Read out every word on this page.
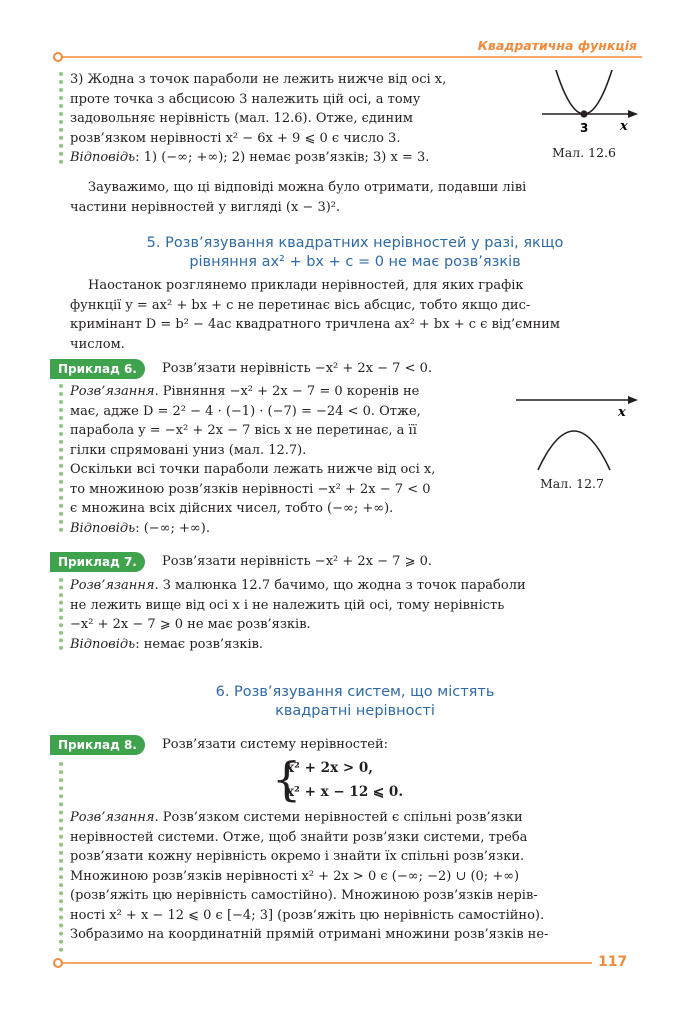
Квадратична функція

3) Жодна з точок параболи не лежить нижче від осі x,

проте точка з абсцисою 3 належить цій осі, а тому

задовольняє нерівність (мал. 12.6). Отже, єдиним

розв’язком нерівності x² − 6x + 9 ⩽ 0 є число 3.

Відповідь: 1) (−∞; +∞); 2) немає розв’язків; 3) x = 3.

3 x
Мал. 12.6

Зауважимо, що ці відповіді можна було отримати, подавши ліві

частини нерівностей у вигляді (x − 3)².

5. Розв’язування квадратних нерівностей у разі, якщо

рівняння ax² + bx + c = 0 не має розв’язків

Наостанок розглянемо приклади нерівностей, для яких графік

функції y = ax² + bx + c не перетинає вісь абсцис, тобто якщо дис-

кримінант D = b² − 4ac квадратного тричлена ax² + bx + c є від’ємним

числом.

Приклад 6.	Розв’язати нерівність −x² + 2x − 7 < 0.

Розв’язання. Рівняння −x² + 2x − 7 = 0 коренів не

має, адже D = 2² − 4 · (−1) · (−7) = −24 < 0. Отже,

парабола y = −x² + 2x − 7 вісь x не перетинає, а її

гілки спрямовані униз (мал. 12.7).

Оскільки всі точки параболи лежать нижче від осі x,

то множиною розв’язків нерівності −x² + 2x − 7 < 0

є множина всіх дійсних чисел, тобто (−∞; +∞).

Відповідь: (−∞; +∞).

x
Мал. 12.7
Приклад 7.	Розв’язати нерівність −x² + 2x − 7 ⩾ 0.

Розв’язання. З малюнка 12.7 бачимо, що жодна з точок параболи

не лежить вище від осі x і не належить цій осі, тому нерівність

−x² + 2x − 7 ⩾ 0 не має розв’язків.

Відповідь: немає розв’язків.

6. Розв’язування систем, що містять

квадратні нерівності

Приклад 8.	Розв’язати систему нерівностей:
{
x² + 2x > 0,
x² + x − 12 ⩽ 0.

Розв’язання. Розв’язком системи нерівностей є спільні розв’язки

нерівностей системи. Отже, щоб знайти розв’язки системи, треба

розв’язати кожну нерівність окремо і знайти їх спільні розв’язки.

Множиною розв’язків нерівності x² + 2x > 0 є (−∞; −2) ∪ (0; +∞)

(розв’яжіть цю нерівність самостійно). Множиною розв’язків нерів-

ності x² + x − 12 ⩽ 0 є [−4; 3] (розв’яжіть цю нерівність самостійно).

Зобразимо на координатній прямій отримані множини розв’язків не-

117
